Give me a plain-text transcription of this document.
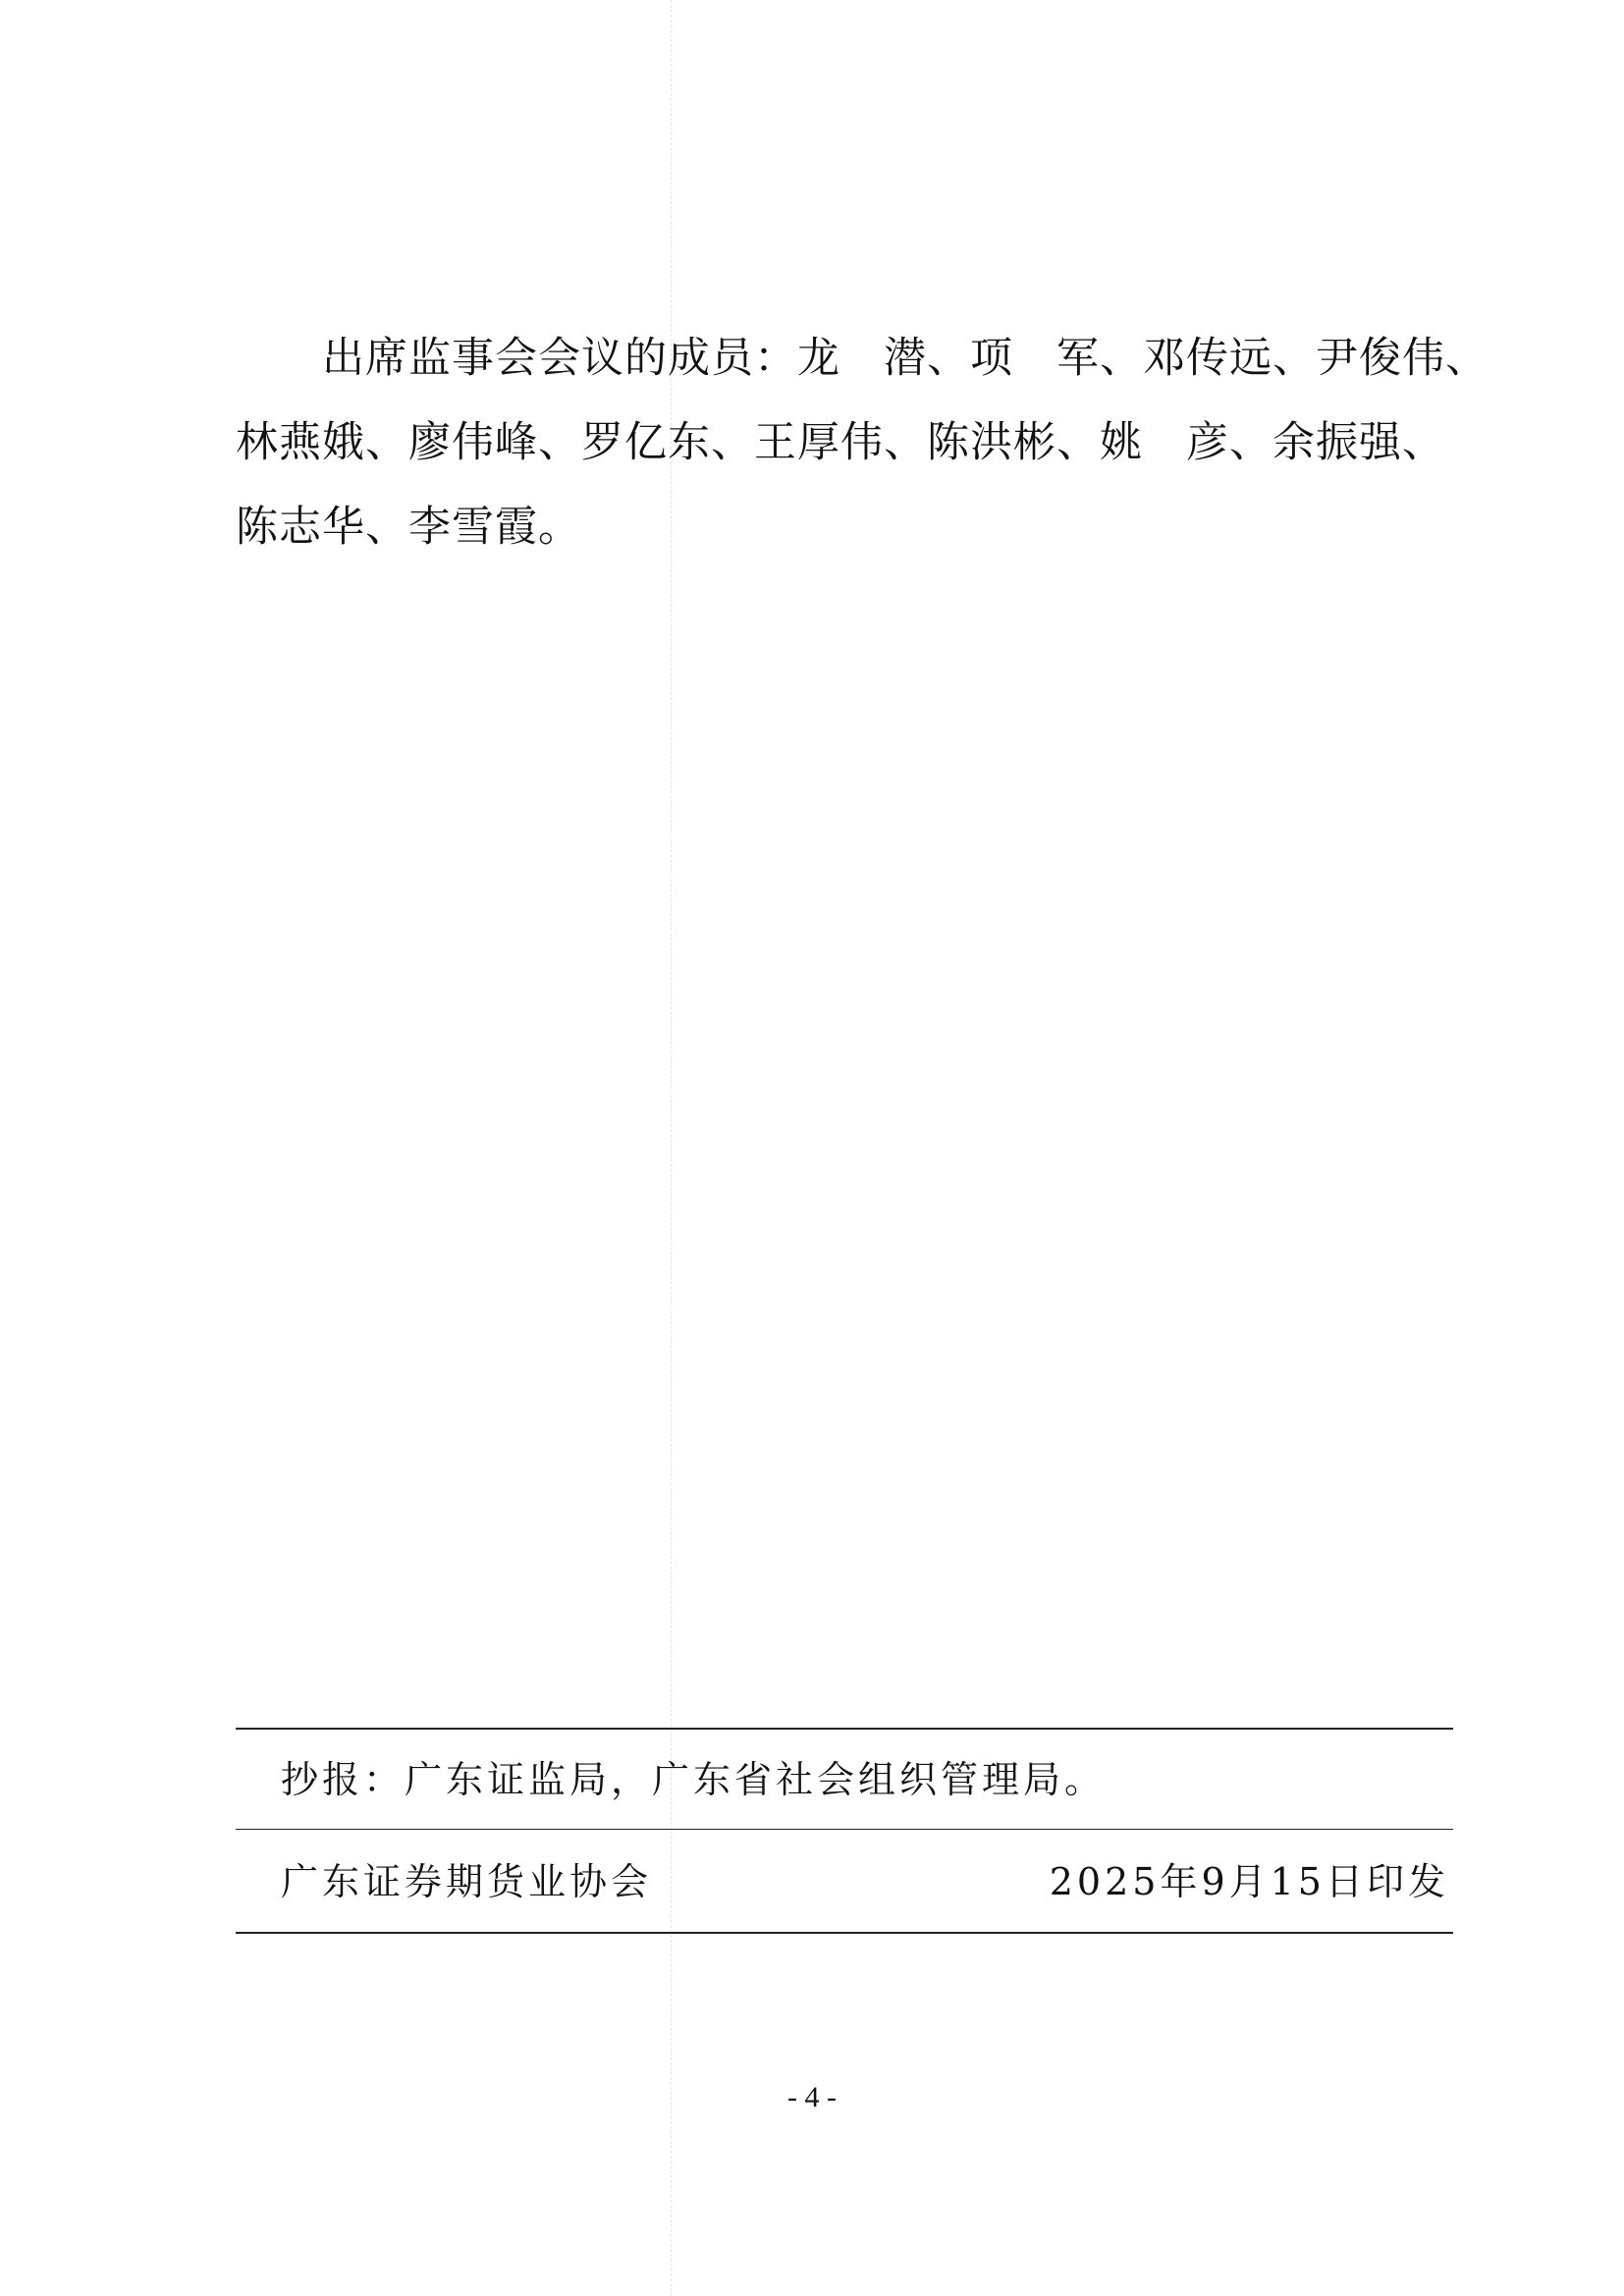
出席监事会会议的成员：龙　潜、项　军、邓传远、尹俊伟、
林燕娥、廖伟峰、罗亿东、王厚伟、陈洪彬、姚　彦、余振强、
陈志华、李雪霞。

抄报：广东证监局，广东省社会组织管理局。
广东证券期货业协会	2025年9月15日印发
- 4 -
